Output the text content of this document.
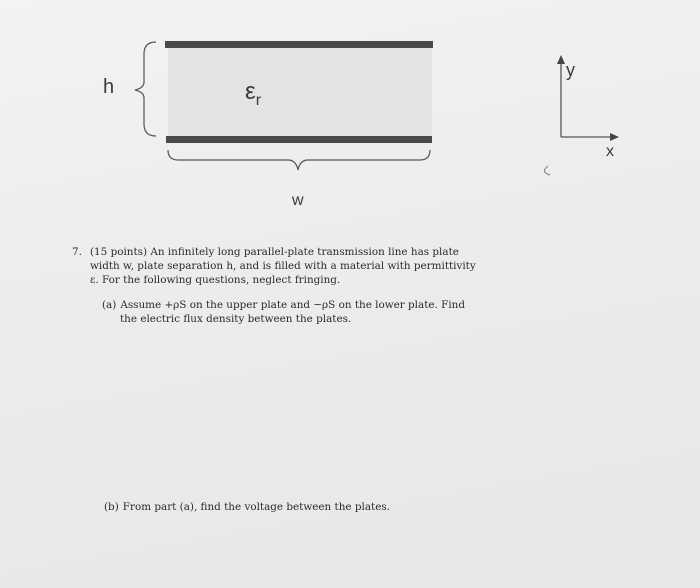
h	$\varepsilon_r$
w
y
x
7. (15 points) An infinitely long parallel-plate transmission line has plate

width w, plate separation h, and is filled with a material with permittivity

ε. For the following questions, neglect fringing.

(a) Assume +ρS on the upper plate and −ρS on the lower plate. Find
the electric flux density between the plates.
(b) From part (a), find the voltage between the plates.
